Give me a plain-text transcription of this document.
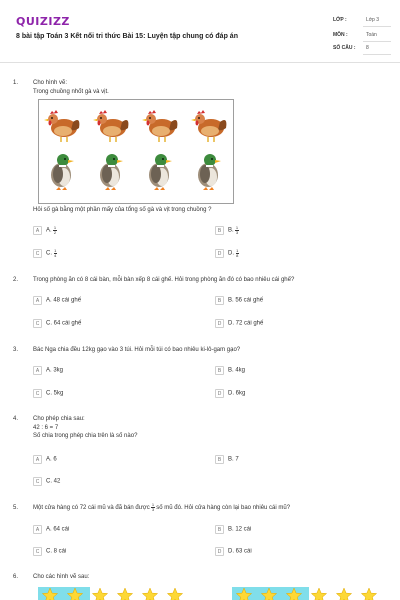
QUIZIZZ
8 bài tập Toán 3 Kết nối tri thức Bài 15: Luyện tập chung có đáp án
LỚP :	Lớp 3
MÔN :	Toán
SỐ CÂU : 8
1. Cho hình vẽ:
Trong chuồng nhốt gà và vịt.
Hỏi số gà bằng một phần mấy của tổng số gà và vịt trong chuồng ?
A A. $\frac{1}{2}$	B B. $\frac{1}{3}$
C C. $\frac{1}{4}$	D D. $\frac{1}{8}$
2. Trong phòng ăn có 8 cái bàn, mỗi bàn xếp 8 cái ghế. Hỏi trong phòng ăn đó có bao nhiêu cái ghế?
A A. 48 cái ghế	B B. 56 cái ghế
C C. 64 cái ghế	D D. 72 cái ghế
3. Bác Nga chia đều 12kg gạo vào 3 túi. Hỏi mỗi túi có bao nhiêu ki-lô-gam gạo?
A A. 3kg	B B. 4kg
C C. 5kg	D D. 6kg
4. Cho phép chia sau:
42 : 6 = 7
Số chia trong phép chia trên là số nào?
A A. 6	B B. 7
C C. 42
5. Một cửa hàng có 72 cái mũ và đã bán được $\frac{1}{3}$ số mũ đó. Hỏi cửa hàng còn lại bao nhiêu cái mũ?
A A. 64 cái	B B. 12 cái
C C. 8 cái	D D. 63 cái
6. Cho các hình vẽ sau:
